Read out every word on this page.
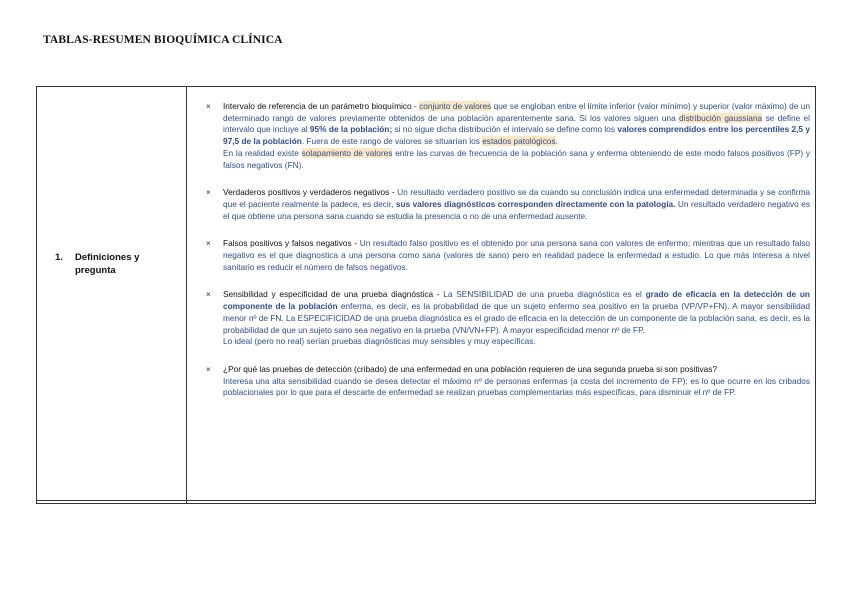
TABLAS-RESUMEN BIOQUÍMICA CLÍNICA
1. Definiciones y pregunta
× Intervalo de referencia de un parámetro bioquímico - conjunto de valores que se engloban entre el límite inferior (valor mínimo) y superior (valor máximo) de un determinado rango de valores previamente obtenidos de una población aparentemente sana. Si los valores siguen una distribución gaussiana se define el intervalo que incluye al 95% de la población; si no sigue dicha distribución el intervalo se define como los valores comprendidos entre los percentiles 2,5 y 97,5 de la población. Fuera de este rango de valores se situarían los estados patológicos.
En la realidad existe solapamiento de valores entre las curvas de frecuencia de la población sana y enferma obteniendo de este modo falsos positivos (FP) y falsos negativos (FN).
× Verdaderos positivos y verdaderos negativos - Un resultado verdadero positivo se da cuando su conclusión indica una enfermedad determinada y se confirma que el paciente realmente la padece, es decir, sus valores diagnósticos corresponden directamente con la patología. Un resultado verdadero negativo es el que obtiene una persona sana cuando se estudia la presencia o no de una enfermedad ausente.
× Falsos positivos y falsos negativos - Un resultado falso positivo es el obtenido por una persona sana con valores de enfermo; mientras que un resultado falso negativo es el que diagnostica a una persona como sana (valores de sano) pero en realidad padece la enfermedad a estudio. Lo que más interesa a nivel sanitario es reducir el número de falsos negativos.
× Sensibilidad y especificidad de una prueba diagnóstica - La SENSIBILIDAD de una prueba diagnóstica es el grado de eficacia en la detección de un componente de la población enferma, es decir, es la probabilidad de que un sujeto enfermo sea positivo en la prueba (VP/VP+FN). A mayor sensibilidad menor nº de FN. La ESPECIFICIDAD de una prueba diagnóstica es el grado de eficacia en la detección de un componente de la población sana, es decir, es la probabilidad de que un sujeto sano sea negativo en la prueba (VN/VN+FP). A mayor especificidad menor nº de FP.
Lo ideal (pero no real) serían pruebas diagnósticas muy sensibles y muy específicas.
× ¿Por qué las pruebas de detección (cribado) de una enfermedad en una población requieren de una segunda prueba si son positivas?
Interesa una alta sensibilidad cuando se desea detectar el máximo nº de personas enfermas (a costa del incremento de FP); es lo que ocurre en los cribados poblacionales por lo que para el descarte de enfermedad se realizan pruebas complementarias más específicas, para disminuir el nº de FP.
